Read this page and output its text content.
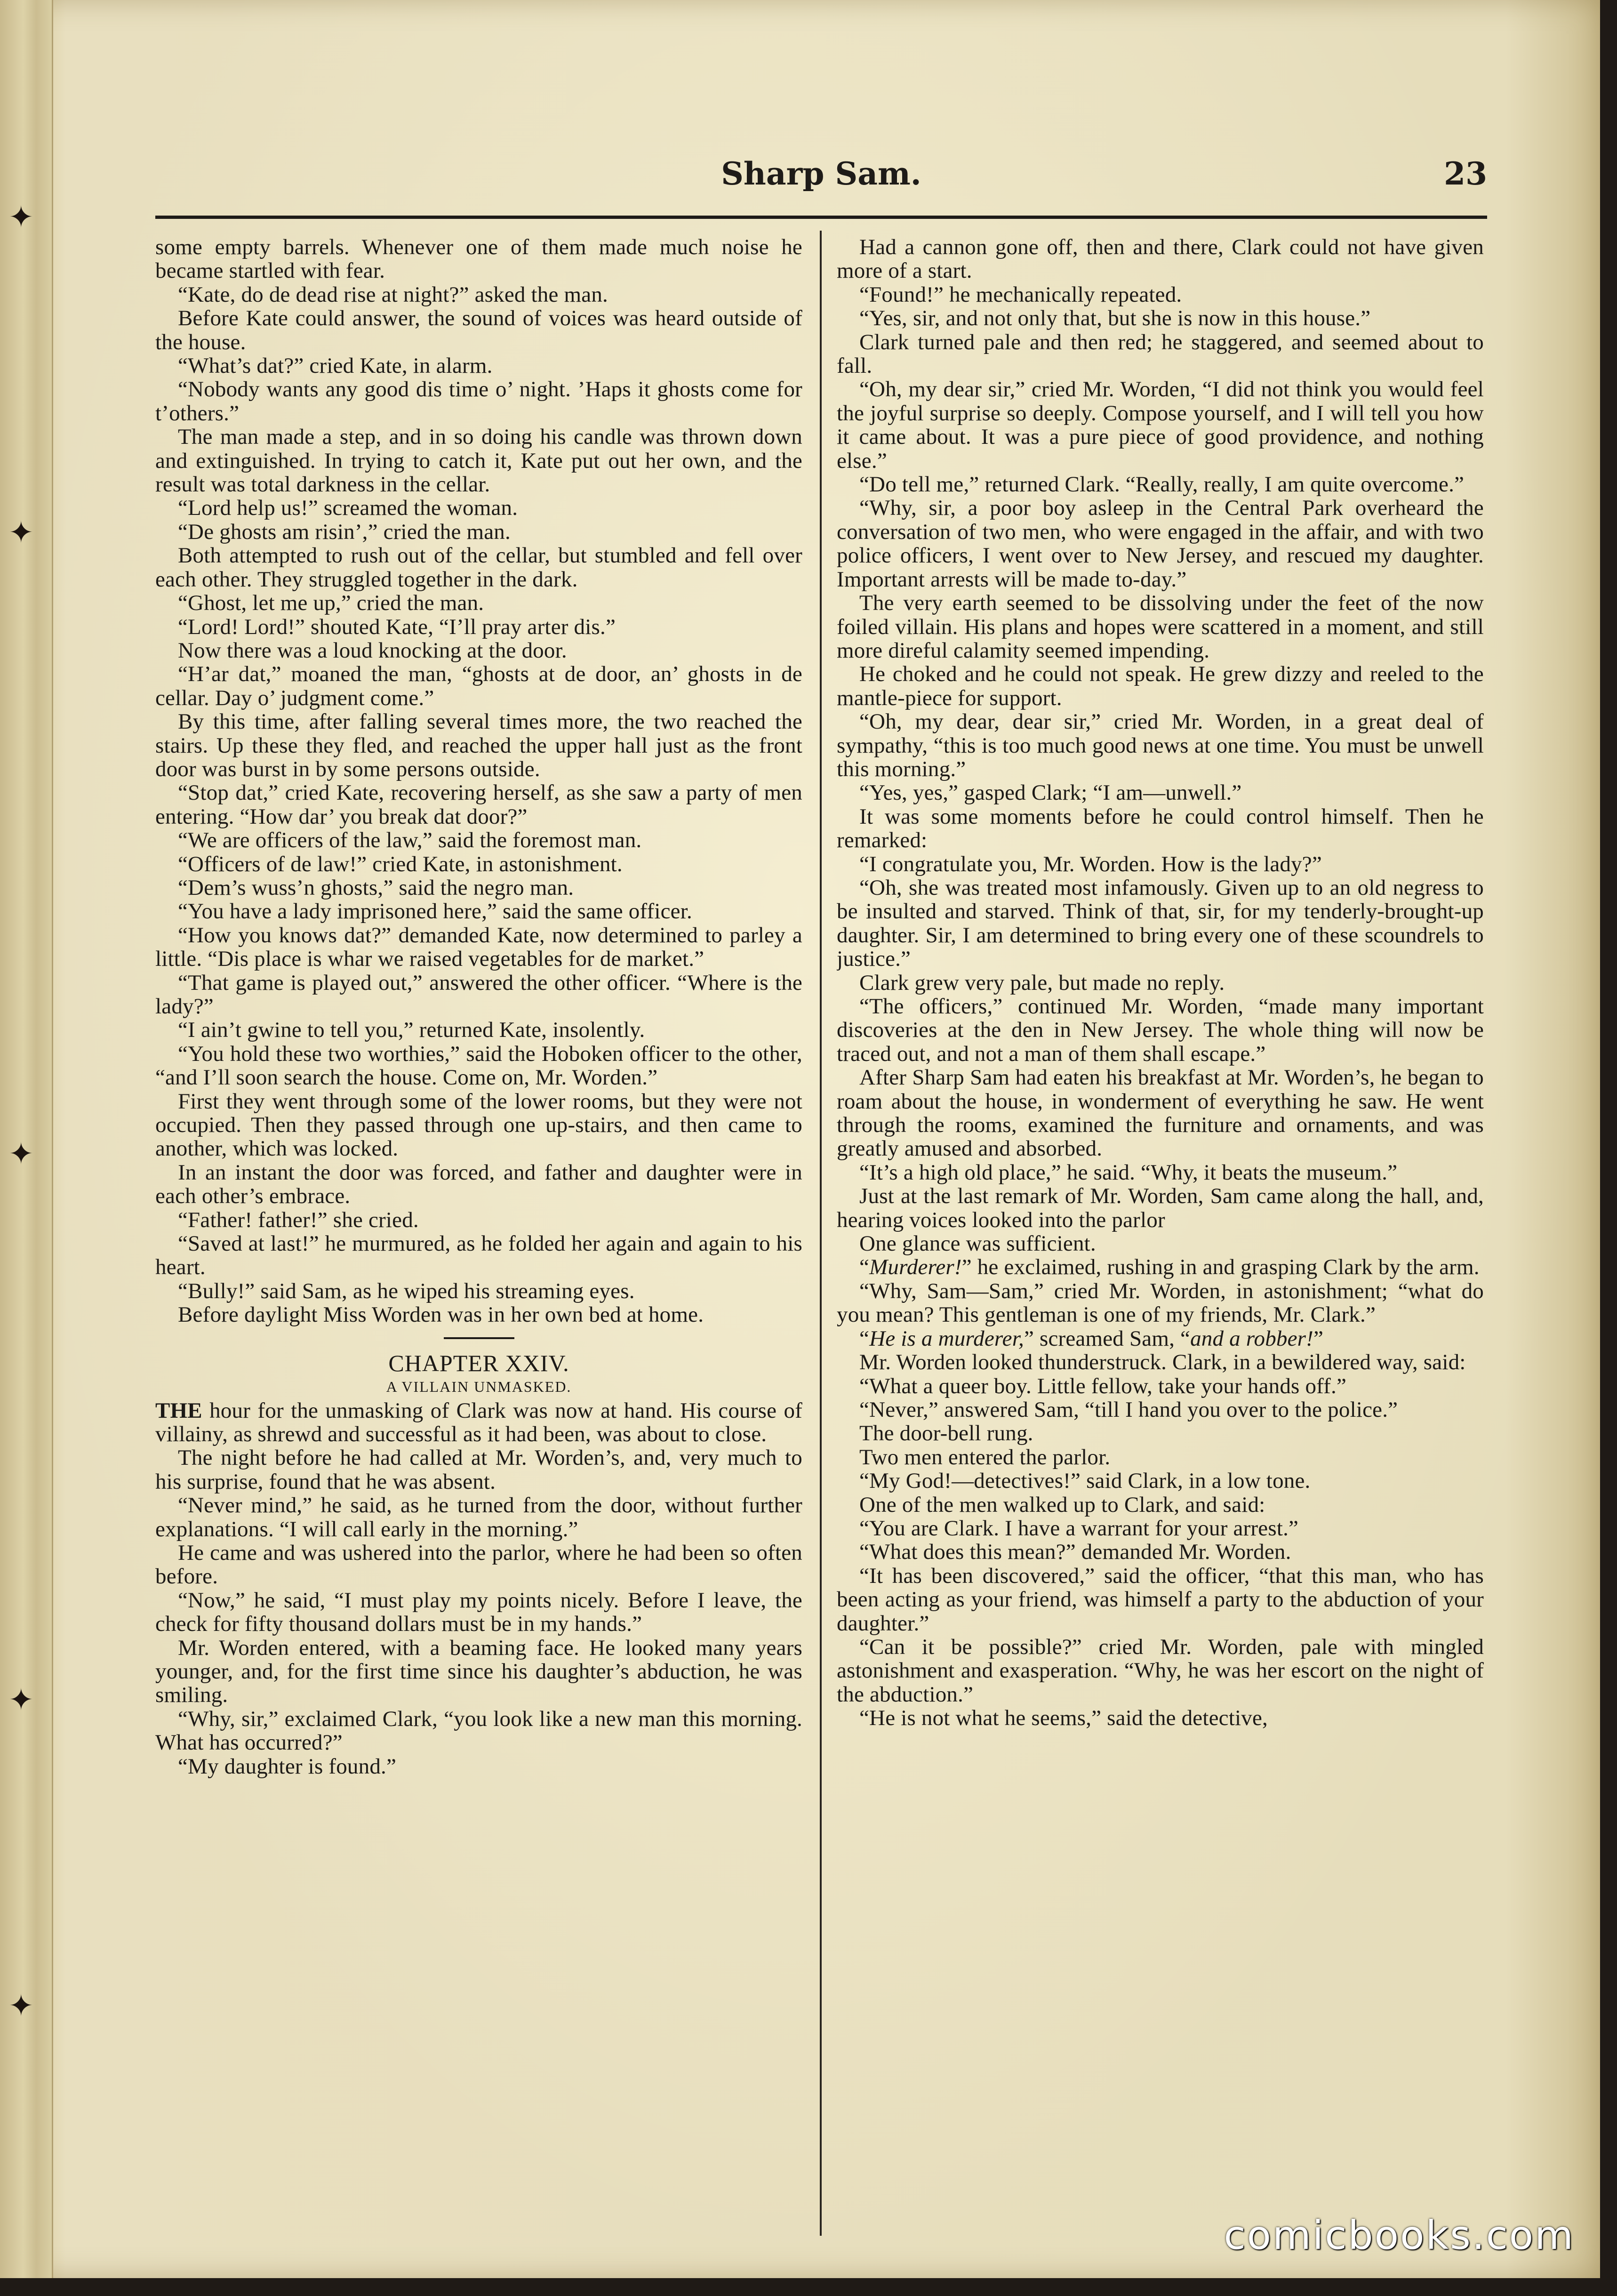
✦
✦
✦
✦
✦
Sharp Sam.	23

some empty barrels. Whenever one of them made much noise he became startled with fear.

“Kate, do de dead rise at night?” asked the man.

Before Kate could answer, the sound of voices was heard outside of the house.

“What’s dat?” cried Kate, in alarm.

“Nobody wants any good dis time o’ night. ’Haps it ghosts come for t’others.”

The man made a step, and in so doing his candle was thrown down and extinguished. In trying to catch it, Kate put out her own, and the result was total darkness in the cellar.

“Lord help us!” screamed the woman.

“De ghosts am risin’,” cried the man.

Both attempted to rush out of the cellar, but stumbled and fell over each other. They struggled together in the dark.

“Ghost, let me up,” cried the man.

“Lord! Lord!” shouted Kate, “I’ll pray arter dis.”

Now there was a loud knocking at the door.

“H’ar dat,” moaned the man, “ghosts at de door, an’ ghosts in de cellar. Day o’ judgment come.”

By this time, after falling several times more, the two reached the stairs. Up these they fled, and reached the upper hall just as the front door was burst in by some persons outside.

“Stop dat,” cried Kate, recovering herself, as she saw a party of men entering. “How dar’ you break dat door?”

“We are officers of the law,” said the foremost man.

“Officers of de law!” cried Kate, in astonishment.

“Dem’s wuss’n ghosts,” said the negro man.

“You have a lady imprisoned here,” said the same officer.

“How you knows dat?” demanded Kate, now determined to parley a little. “Dis place is whar we raised vegetables for de market.”

“That game is played out,” answered the other officer. “Where is the lady?”

“I ain’t gwine to tell you,” returned Kate, insolently.

“You hold these two worthies,” said the Hoboken officer to the other, “and I’ll soon search the house. Come on, Mr. Worden.”

First they went through some of the lower rooms, but they were not occupied. Then they passed through one up-stairs, and then came to another, which was locked.

In an instant the door was forced, and father and daughter were in each other’s embrace.

“Father! father!” she cried.

“Saved at last!” he murmured, as he folded her again and again to his heart.

“Bully!” said Sam, as he wiped his streaming eyes.

Before daylight Miss Worden was in her own bed at home.

CHAPTER XXIV.

A VILLAIN UNMASKED.

THE hour for the unmasking of Clark was now at hand. His course of villainy, as shrewd and successful as it had been, was about to close.

The night before he had called at Mr. Worden’s, and, very much to his surprise, found that he was absent.

“Never mind,” he said, as he turned from the door, without further explanations. “I will call early in the morning.”

He came and was ushered into the parlor, where he had been so often before.

“Now,” he said, “I must play my points nicely. Before I leave, the check for fifty thousand dollars must be in my hands.”

Mr. Worden entered, with a beaming face. He looked many years younger, and, for the first time since his daughter’s abduction, he was smiling.

“Why, sir,” exclaimed Clark, “you look like a new man this morning. What has occurred?”

“My daughter is found.”

Had a cannon gone off, then and there, Clark could not have given more of a start.

“Found!” he mechanically repeated.

“Yes, sir, and not only that, but she is now in this house.”

Clark turned pale and then red; he staggered, and seemed about to fall.

“Oh, my dear sir,” cried Mr. Worden, “I did not think you would feel the joyful surprise so deeply. Compose yourself, and I will tell you how it came about. It was a pure piece of good providence, and nothing else.”

“Do tell me,” returned Clark. “Really, really, I am quite overcome.”

“Why, sir, a poor boy asleep in the Central Park overheard the conversation of two men, who were engaged in the affair, and with two police officers, I went over to New Jersey, and rescued my daughter. Important arrests will be made to-day.”

The very earth seemed to be dissolving under the feet of the now foiled villain. His plans and hopes were scattered in a moment, and still more direful calamity seemed impending.

He choked and he could not speak. He grew dizzy and reeled to the mantle-piece for support.

“Oh, my dear, dear sir,” cried Mr. Worden, in a great deal of sympathy, “this is too much good news at one time. You must be unwell this morning.”

“Yes, yes,” gasped Clark; “I am—unwell.”

It was some moments before he could control himself. Then he remarked:

“I congratulate you, Mr. Worden. How is the lady?”

“Oh, she was treated most infamously. Given up to an old negress to be insulted and starved. Think of that, sir, for my tenderly-brought-up daughter. Sir, I am determined to bring every one of these scoundrels to justice.”

Clark grew very pale, but made no reply.

“The officers,” continued Mr. Worden, “made many important discoveries at the den in New Jersey. The whole thing will now be traced out, and not a man of them shall escape.”

After Sharp Sam had eaten his breakfast at Mr. Worden’s, he began to roam about the house, in wonderment of everything he saw. He went through the rooms, examined the furniture and ornaments, and was greatly amused and absorbed.

“It’s a high old place,” he said. “Why, it beats the museum.”

Just at the last remark of Mr. Worden, Sam came along the hall, and, hearing voices looked into the parlor

One glance was sufficient.

“Murderer!” he exclaimed, rushing in and grasping Clark by the arm.

“Why, Sam—Sam,” cried Mr. Worden, in astonishment; “what do you mean? This gentleman is one of my friends, Mr. Clark.”

“He is a murderer,” screamed Sam, “and a robber!”

Mr. Worden looked thunderstruck. Clark, in a bewildered way, said:

“What a queer boy. Little fellow, take your hands off.”

“Never,” answered Sam, “till I hand you over to the police.”

The door-bell rung.

Two men entered the parlor.

“My God!—detectives!” said Clark, in a low tone.

One of the men walked up to Clark, and said:

“You are Clark. I have a warrant for your arrest.”

“What does this mean?” demanded Mr. Worden.

“It has been discovered,” said the officer, “that this man, who has been acting as your friend, was himself a party to the abduction of your daughter.”

“Can it be possible?” cried Mr. Worden, pale with mingled astonishment and exasperation. “Why, he was her escort on the night of the abduction.”

“He is not what he seems,” said the detective,

comicbooks.com
